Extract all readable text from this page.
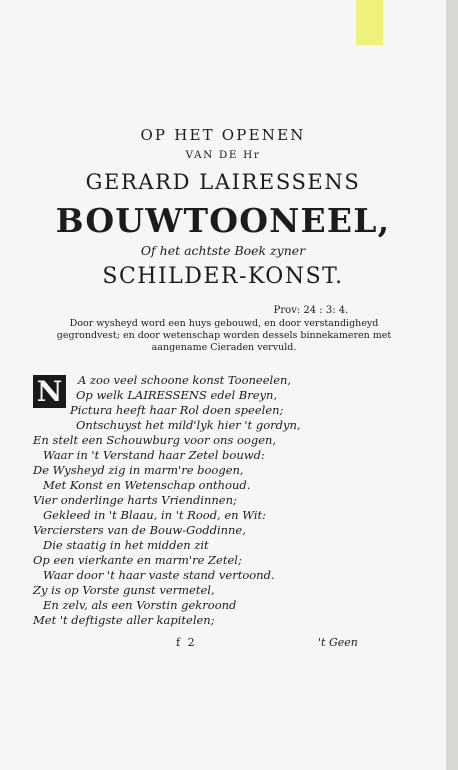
OP HET OPENEN
VAN DE Hr
GERARD LAIRESSENS
BOUWTOONEEL,
Of het achtste Boek zyner
SCHILDER-KONST.
Prov: 24 : 3: 4.
Door wysheyd word een huys gebouwd, en door verstandigheyd gegrondvest; en door wetenschap worden dessels binnekameren met aangename Cieraden vervuld.
N	A zoo veel schoone konst Tooneelen,
Op welk LAIRESSENS edel Breyn,
Pictura heeft haar Rol doen speelen;
Ontschuyst het mild'lyk hier 't gordyn,
En stelt een Schouwburg voor ons oogen,
Waar in 't Verstand haar Zetel bouwd:
De Wysheyd zig in marm're boogen,
Met Konst en Wetenschap onthoud.
Vier onderlinge harts Vriendinnen;
Gekleed in 't Blaau, in 't Rood, en Wit:
Verciersters van de Bouw-Goddinne,
Die staatig in het midden zit
Op een vierkante en marm're Zetel;
Waar door 't haar vaste stand vertoond.
Zy is op Vorste gunst vermetel,
En zelv, als een Vorstin gekroond
Met 't deftigste aller kapitelen;
f 2	't Geen
